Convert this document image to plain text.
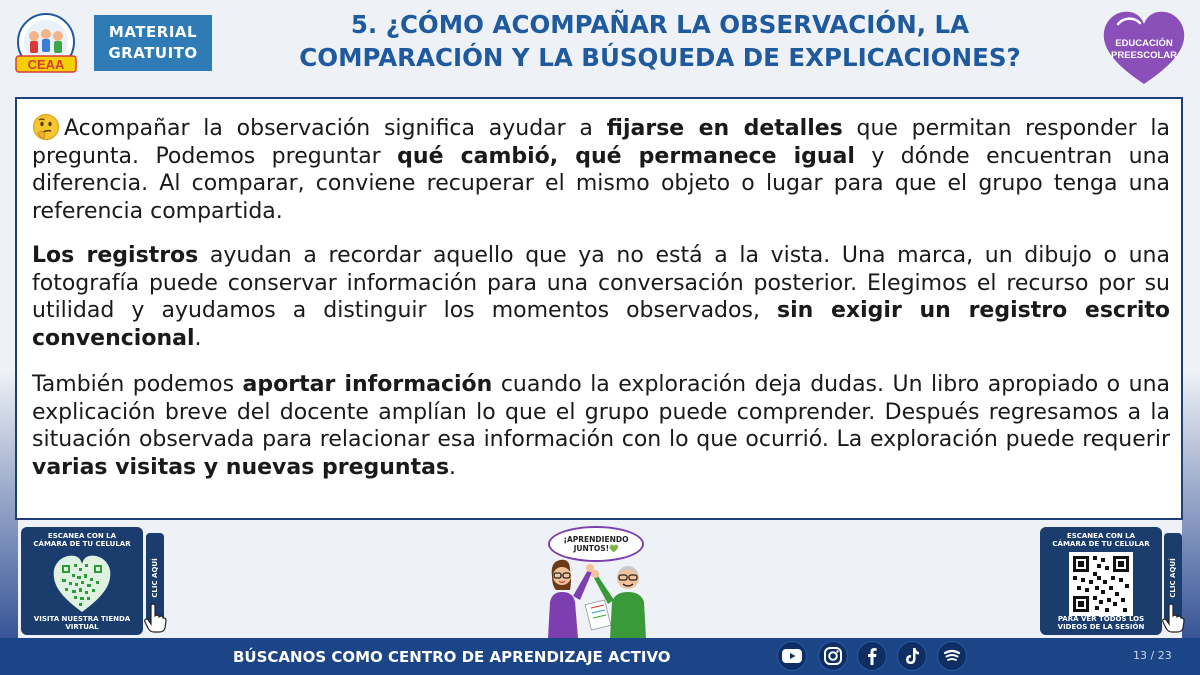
CEAA
MATERIAL
GRATUITO
5. ¿CÓMO ACOMPAÑAR LA OBSERVACIÓN, LA
COMPARACIÓN Y LA BÚSQUEDA DE EXPLICACIONES?	EDUCACIÓN
PREESCOLAR

Acompañar la observación significa ayudar a fijarse en detalles que permitan responder la pregunta. Podemos preguntar qué cambió, qué permanece igual y dónde encuentran una diferencia. Al comparar, conviene recuperar el mismo objeto o lugar para que el grupo tenga una referencia compartida.

Los registros ayudan a recordar aquello que ya no está a la vista. Una marca, un dibujo o una fotografía puede conservar información para una conversación posterior. Elegimos el recurso por su utilidad y ayudamos a distinguir los momentos observados, sin exigir un registro escrito convencional.

También podemos aportar información cuando la exploración deja dudas. Un libro apropiado o una explicación breve del docente amplían lo que el grupo puede comprender. Después regresamos a la situación observada para relacionar esa información con lo que ocurrió. La exploración puede requerir varias visitas y nuevas preguntas.

ESCANEA CON LA
CÁMARA DE TU CELULAR
VISITA NUESTRA TIENDA
VIRTUAL
CLIC AQUÍ
¡APRENDIENDO
JUNTOS!💚
ESCANEA CON LA
CÁMARA DE TU CELULAR
PARA VER TODOS LOS
VIDEOS DE LA SESIÓN
CLIC AQUÍ
BÚSCANOS COMO CENTRO DE APRENDIZAJE ACTIVO	13 / 23
